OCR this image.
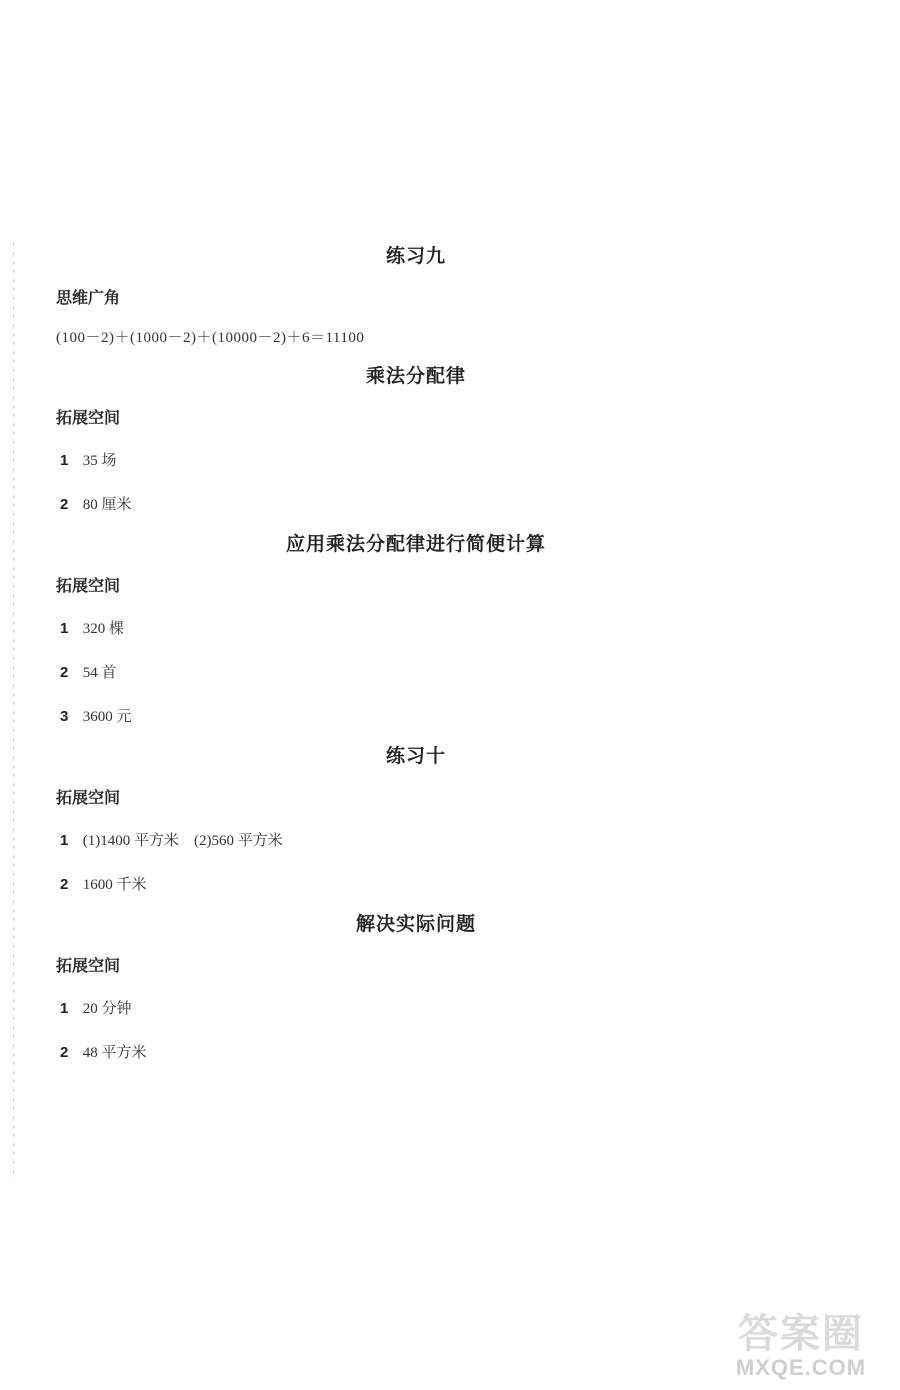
练习九
思维广角
(100－2)＋(1000－2)＋(10000－2)＋6＝11100
乘法分配律
拓展空间
1 35 场
2 80 厘米
应用乘法分配律进行简便计算
拓展空间
1 320 棵
2 54 首
3 3600 元
练习十
拓展空间
1 (1)1400 平方米　(2)560 平方米
2 1600 千米
解决实际问题
拓展空间
1 20 分钟
2 48 平方米
答案圈
MXQE.COM
